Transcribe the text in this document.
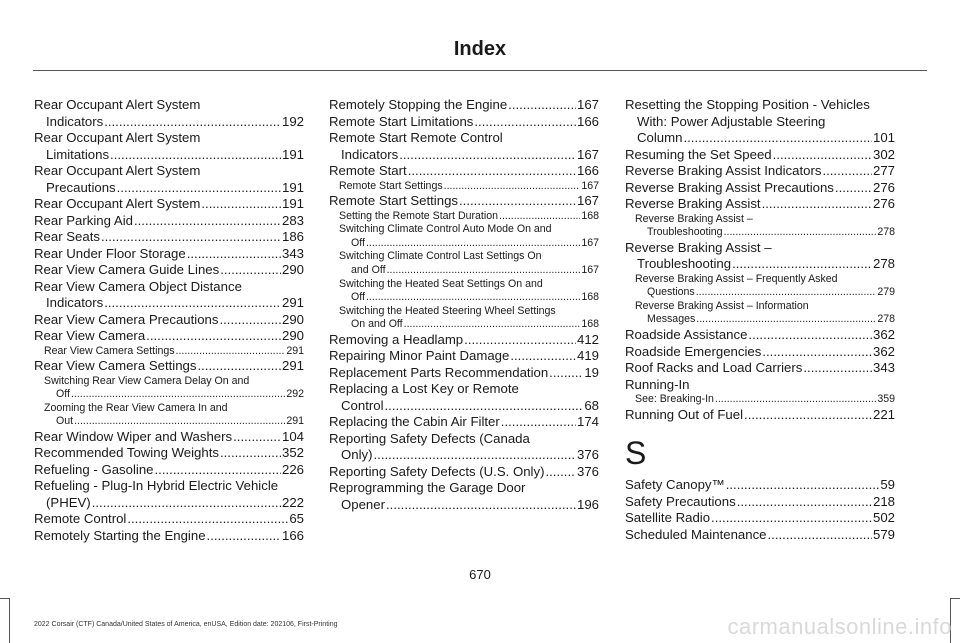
Index
Rear Occupant Alert System
Indicators .....	192
Rear Occupant Alert System
Limitations .....	191
Rear Occupant Alert System
Precautions .....	191
Rear Occupant Alert System .....	191
Rear Parking Aid .....	283
Rear Seats .....	186
Rear Under Floor Storage .....	343
Rear View Camera Guide Lines .....	290
Rear View Camera Object Distance
Indicators .....	291
Rear View Camera Precautions .....	290
Rear View Camera .....	290
Rear View Camera Settings .....	291
Rear View Camera Settings .....	291
Switching Rear View Camera Delay On and
Off .....	292
Zooming the Rear View Camera In and
Out .....	291
Rear Window Wiper and Washers .....	104
Recommended Towing Weights .....	352
Refueling - Gasoline .....	226
Refueling - Plug-In Hybrid Electric Vehicle
(PHEV) .....	222
Remote Control .....	65
Remotely Starting the Engine .....	166
Remotely Stopping the Engine .....	167
Remote Start Limitations .....	166
Remote Start Remote Control
Indicators .....	167
Remote Start .....	166
Remote Start Settings .....	167
Remote Start Settings .....	167
Setting the Remote Start Duration .....	168
Switching Climate Control Auto Mode On and
Off .....	167
Switching Climate Control Last Settings On
and Off .....	167
Switching the Heated Seat Settings On and
Off .....	168
Switching the Heated Steering Wheel Settings
On and Off .....	168
Removing a Headlamp .....	412
Repairing Minor Paint Damage .....	419
Replacement Parts Recommendation .....	19
Replacing a Lost Key or Remote
Control .....	68
Replacing the Cabin Air Filter .....	174
Reporting Safety Defects (Canada
Only) .....	376
Reporting Safety Defects (U.S. Only) ..... 376
Reprogramming the Garage Door
Opener .....	196
Resetting the Stopping Position - Vehicles
With: Power Adjustable Steering
Column .....	101
Resuming the Set Speed .....	302
Reverse Braking Assist Indicators .....	277
Reverse Braking Assist Precautions .....	276
Reverse Braking Assist .....	276
Reverse Braking Assist –
Troubleshooting .....	278
Reverse Braking Assist –
Troubleshooting .....	278
Reverse Braking Assist – Frequently Asked
Questions .....	279
Reverse Braking Assist – Information
Messages .....	278
Roadside Assistance .....	362
Roadside Emergencies .....	362
Roof Racks and Load Carriers .....	343
Running-In
See: Breaking-In .....	359
Running Out of Fuel .....	221
S
Safety Canopy™ .....	59
Safety Precautions .....	218
Satellite Radio .....	502
Scheduled Maintenance .....	579
670
2022 Corsair (CTF) Canada/United States of America, enUSA, Edition date: 202106, First-Printing	carmanualsonline.info
